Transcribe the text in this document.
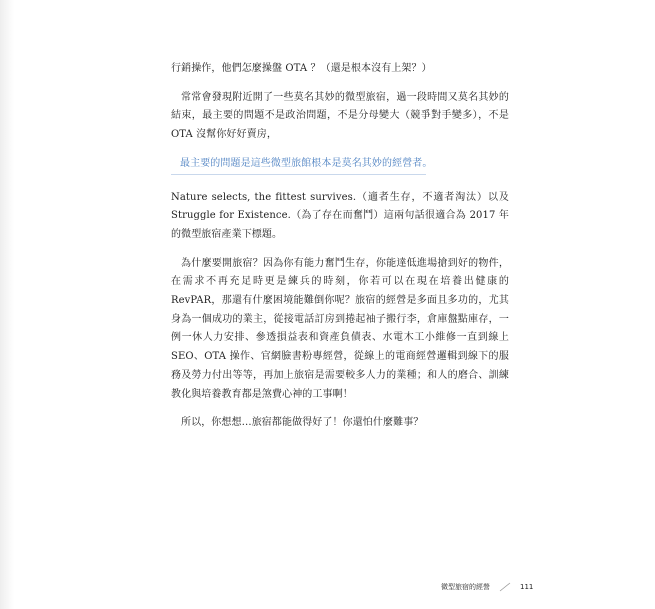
行銷操作，他們怎麼操盤 OTA ？（還是根本沒有上架？）

常常會發現附近開了一些莫名其妙的微型旅宿，過一段時間又莫名其妙的結束，最主要的問題不是政治問題，不是分母變大（競爭對手變多），不是 OTA 沒幫你好好賣房，

最主要的問題是這些微型旅館根本是莫名其妙的經營者。

Nature selects, the fittest survives.（適者生存，不適者淘汰）以及 Struggle for Existence.（為了存在而奮鬥）這兩句話很適合為 2017 年的微型旅宿產業下標題。

為什麼要開旅宿？因為你有能力奮鬥生存，你能達低進場搶到好的物件，在需求不再充足時更是練兵的時刻，你若可以在現在培養出健康的 RevPAR，那還有什麼困境能難倒你呢？旅宿的經營是多面且多功的，尤其身為一個成功的業主，從接電話訂房到捲起袖子搬行李，倉庫盤點庫存，一例一休人力安排、參透損益表和資產負債表、水電木工小維修一直到線上 SEO、OTA 操作、官網臉書粉專經營，從線上的電商經營邏輯到線下的服務及勞力付出等等，再加上旅宿是需要較多人力的業種；和人的磨合、訓練教化與培養教育都是煞費心神的工事啊！

所以，你想想…旅宿都能做得好了！你還怕什麼難事？

微型旅宿的經營	111
